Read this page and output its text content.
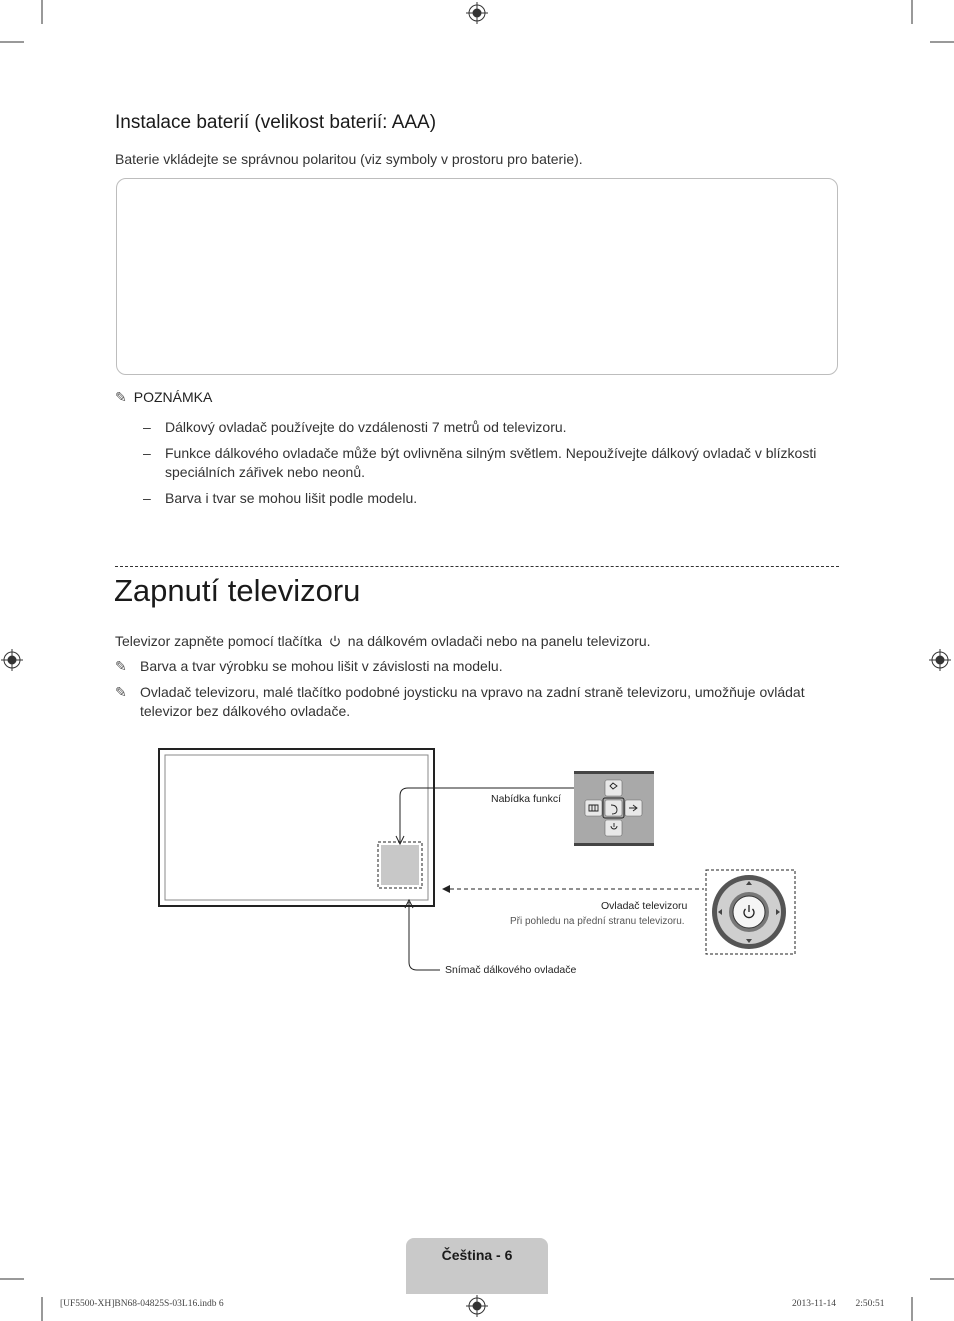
Instalace baterií (velikost baterií: AAA)
Baterie vkládejte se správnou polaritou (viz symboly v prostoru pro baterie).
✎ POZNÁMKA
– Dálkový ovladač používejte do vzdálenosti 7 metrů od televizoru.
– Funkce dálkového ovladače může být ovlivněna silným světlem. Nepoužívejte dálkový ovladač v blízkosti speciálních zářivek nebo neonů.
– Barva i tvar se mohou lišit podle modelu.
Zapnutí televizoru
Televizor zapněte pomocí tlačítka na dálkovém ovladači nebo na panelu televizoru.
✎ Barva a tvar výrobku se mohou lišit v závislosti na modelu.
✎ Ovladač televizoru, malé tlačítko podobné joysticku na vpravo na zadní straně televizoru, umožňuje ovládat televizor bez dálkového ovladače.
Nabídka funkcí
Ovladač televizoru
Při pohledu na přední stranu televizoru.
Snímač dálkového ovladače
Čeština - 6
[UF5500-XH]BN68-04825S-03L16.indb 6	2013-11-14 ￿￿ 2:50:51
